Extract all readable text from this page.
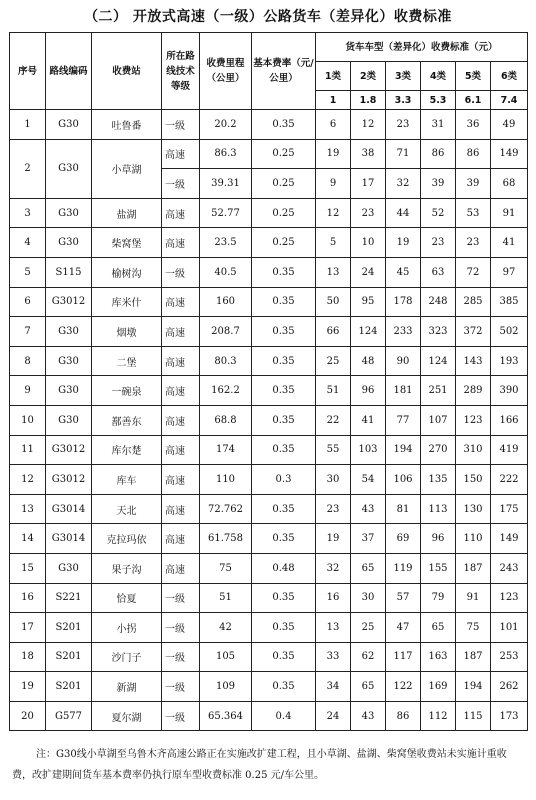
（二） 开放式高速（一级）公路货车（差异化）收费标准
序号	路线编码	收费站	所在路线技术等级	收费里程（公里）	基本费率（元/公里）	货车车型（差异化）收费标准（元）					
						1类	2类	3类	4类	5类	6类
						1	1.8	3.3	5.3	6.1	7.4
1	G30	吐鲁番	一级	20.2	0.35	6	12	23	31	36	49
2	G30	小草湖	高速	86.3	0.25	19	38	71	86	86	149
			一级	39.31	0.25	9	17	32	39	39	68
3	G30	盐湖	高速	52.77	0.25	12	23	44	52	53	91
4	G30	柴窝堡	高速	23.5	0.25	5	10	19	23	23	41
5	S115	榆树沟	一级	40.5	0.35	13	24	45	63	72	97
6	G3012	库米什	高速	160	0.35	50	95	178	248	285	385
7	G30	烟墩	高速	208.7	0.35	66	124	233	323	372	502
8	G30	二堡	高速	80.3	0.35	25	48	90	124	143	193
9	G30	一碗泉	高速	162.2	0.35	51	96	181	251	289	390
10	G30	鄯善东	高速	68.8	0.35	22	41	77	107	123	166
11	G3012	库尔楚	高速	174	0.35	55	103	194	270	310	419
12	G3012	库车	高速	110	0.3	30	54	106	135	150	222
13	G3014	天北	高速	72.762	0.35	23	43	81	113	130	175
14	G3014	克拉玛依	高速	61.758	0.35	19	37	69	96	110	149
15	G30	果子沟	高速	75	0.48	32	65	119	155	187	243
16	S221	恰夏	一级	51	0.35	16	30	57	79	91	123
17	S201	小拐	一级	42	0.35	13	25	47	65	75	101
18	S201	沙门子	一级	105	0.35	33	62	117	163	187	253
19	S201	新湖	一级	109	0.35	34	65	122	169	194	262
20	G577	夏尔湖	一级	65.364	0.4	24	43	86	112	115	173
注：G30线小草湖至乌鲁木齐高速公路正在实施改扩建工程，且小草湖、盐湖、柴窝堡收费站未实施计重收费，改扩建期间货车基本费率仍执行原车型收费标准 0.25 元/车公里。
